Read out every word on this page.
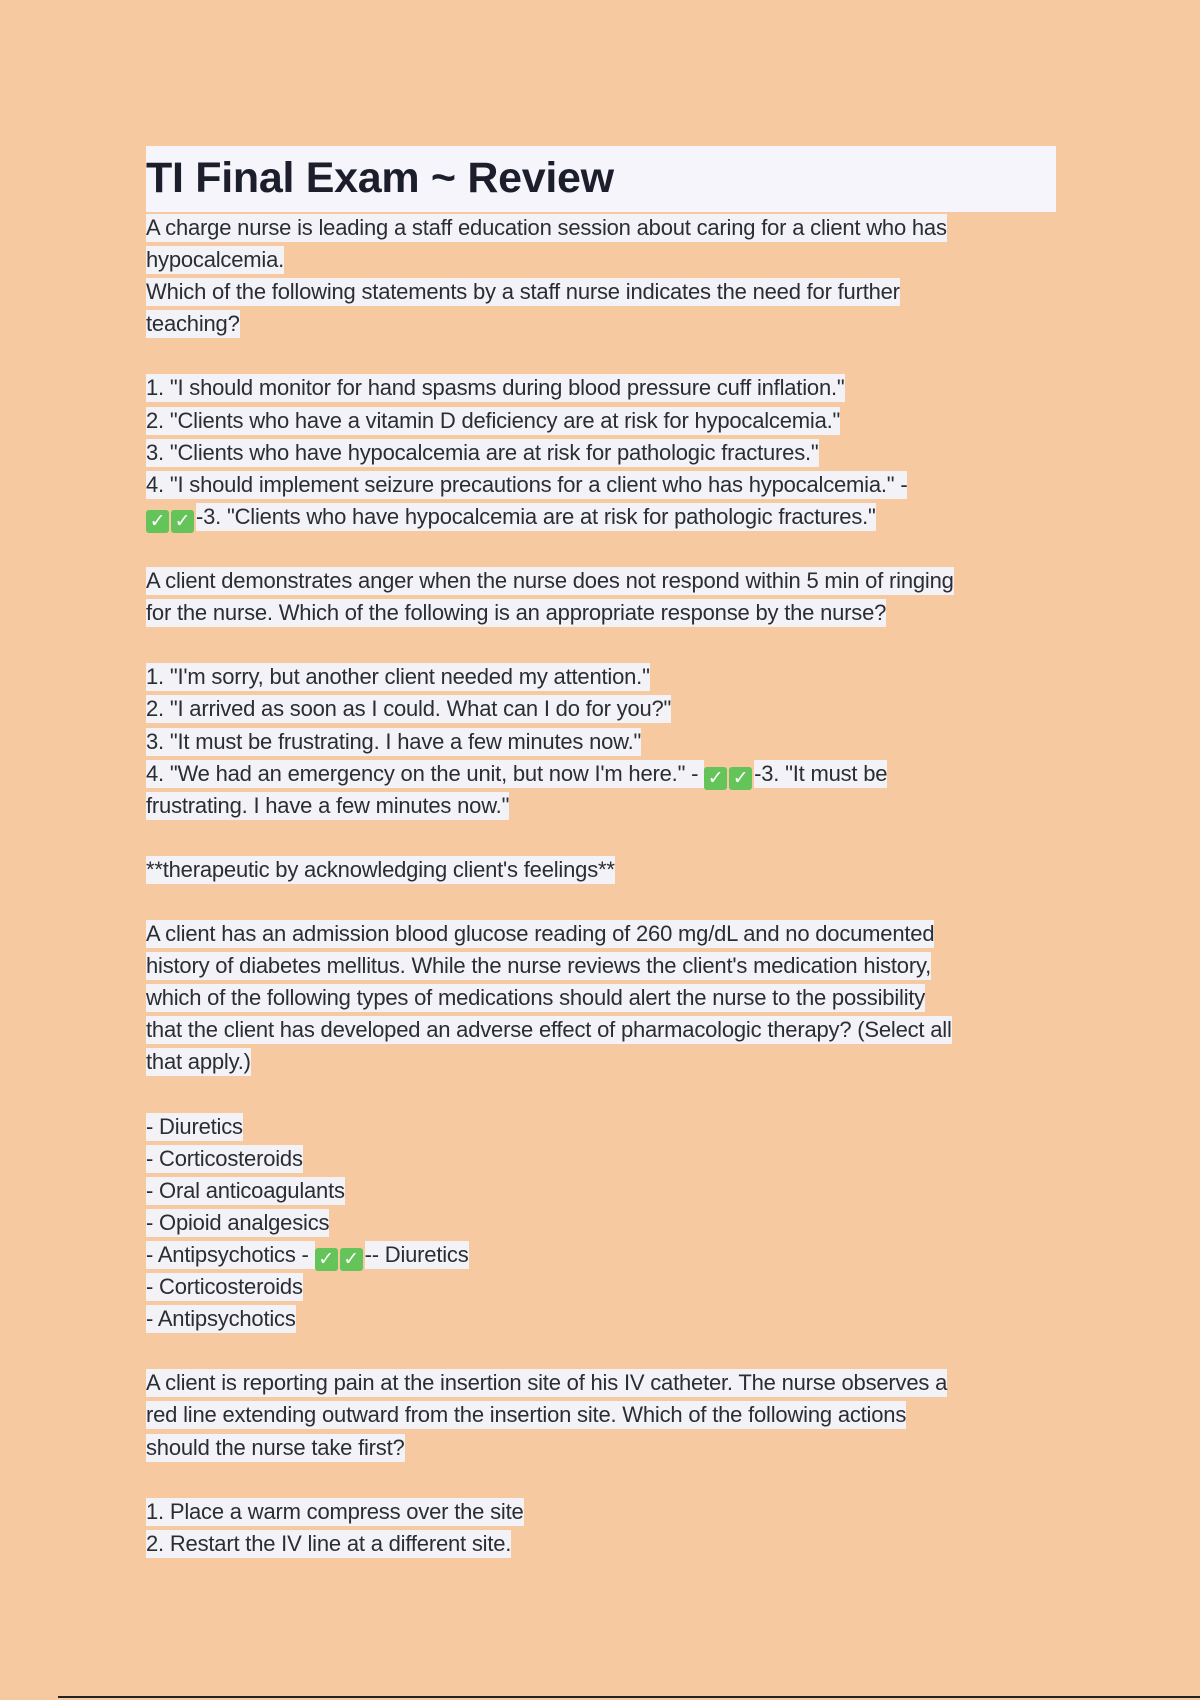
TI Final Exam ~ Review
A charge nurse is leading a staff education session about caring for a client who has
hypocalcemia.
Which of the following statements by a staff nurse indicates the need for further
teaching?
1. "I should monitor for hand spasms during blood pressure cuff inflation."
2. "Clients who have a vitamin D deficiency are at risk for hypocalcemia."
3. "Clients who have hypocalcemia are at risk for pathologic fractures."
4. "I should implement seizure precautions for a client who has hypocalcemia." -
✓ ✓ -3. "Clients who have hypocalcemia are at risk for pathologic fractures."
A client demonstrates anger when the nurse does not respond within 5 min of ringing
for the nurse. Which of the following is an appropriate response by the nurse?
1. "I'm sorry, but another client needed my attention."
2. "I arrived as soon as I could. What can I do for you?"
3. "It must be frustrating. I have a few minutes now."
4. "We had an emergency on the unit, but now I'm here." - ✓ ✓ -3. "It must be
frustrating. I have a few minutes now."
**therapeutic by acknowledging client's feelings**
A client has an admission blood glucose reading of 260 mg/dL and no documented
history of diabetes mellitus. While the nurse reviews the client's medication history,
which of the following types of medications should alert the nurse to the possibility
that the client has developed an adverse effect of pharmacologic therapy? (Select all
that apply.)
- Diuretics
- Corticosteroids
- Oral anticoagulants
- Opioid analgesics
- Antipsychotics - ✓ ✓ -- Diuretics
- Corticosteroids
- Antipsychotics
A client is reporting pain at the insertion site of his IV catheter. The nurse observes a
red line extending outward from the insertion site. Which of the following actions
should the nurse take first?
1. Place a warm compress over the site
2. Restart the IV line at a different site.
